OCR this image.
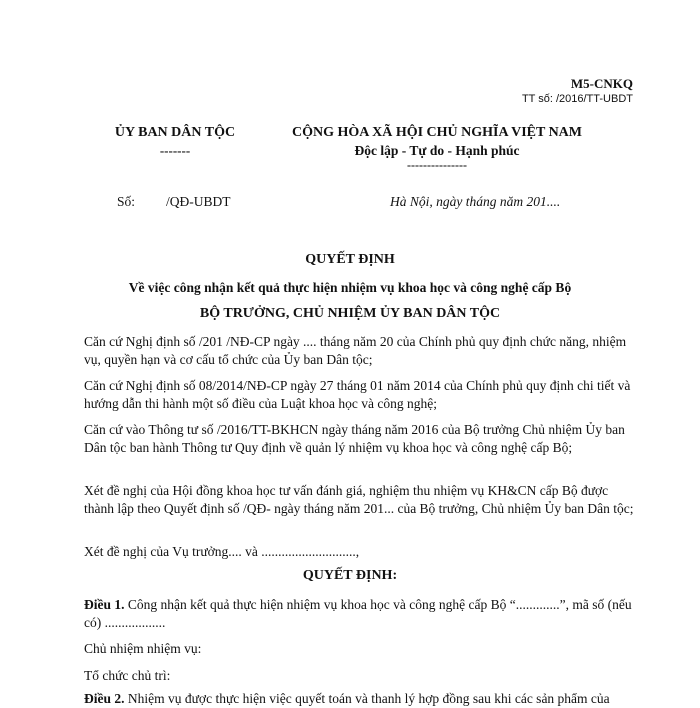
M5-CNKQ
TT số: /2016/TT-UBDT
ỦY BAN DÂN TỘC
-------
CỘNG HÒA XÃ HỘI CHỦ NGHĨA VIỆT NAM
Độc lập - Tự do - Hạnh phúc
---------------
Số: /QĐ-UBDT	Hà Nội, ngày tháng năm 201....
QUYẾT ĐỊNH
Về việc công nhận kết quả thực hiện nhiệm vụ khoa học và công nghệ cấp Bộ
BỘ TRƯỞNG, CHỦ NHIỆM ỦY BAN DÂN TỘC
Căn cứ Nghị định số /201 /NĐ-CP ngày .... tháng năm 20 của Chính phủ quy định chức năng, nhiệm vụ, quyền hạn và cơ cấu tổ chức của Ủy ban Dân tộc;
Căn cứ Nghị định số 08/2014/NĐ-CP ngày 27 tháng 01 năm 2014 của Chính phủ quy định chi tiết và hướng dẫn thi hành một số điều của Luật khoa học và công nghệ;
Căn cứ vào Thông tư số /2016/TT-BKHCN ngày tháng năm 2016 của Bộ trưởng Chủ nhiệm Ủy ban Dân tộc ban hành Thông tư Quy định về quản lý nhiệm vụ khoa học và công nghệ cấp Bộ;
Xét đề nghị của Hội đồng khoa học tư vấn đánh giá, nghiệm thu nhiệm vụ KH&CN cấp Bộ được thành lập theo Quyết định số /QĐ- ngày tháng năm 201... của Bộ trưởng, Chủ nhiệm Ủy ban Dân tộc;
Xét đề nghị của Vụ trưởng.... và ............................,
QUYẾT ĐỊNH:
Điều 1. Công nhận kết quả thực hiện nhiệm vụ khoa học và công nghệ cấp Bộ “.............”, mã số (nếu có) ..................
Chủ nhiệm nhiệm vụ:
Tổ chức chủ trì:
Điều 2. Nhiệm vụ được thực hiện việc quyết toán và thanh lý hợp đồng sau khi các sản phẩm của
